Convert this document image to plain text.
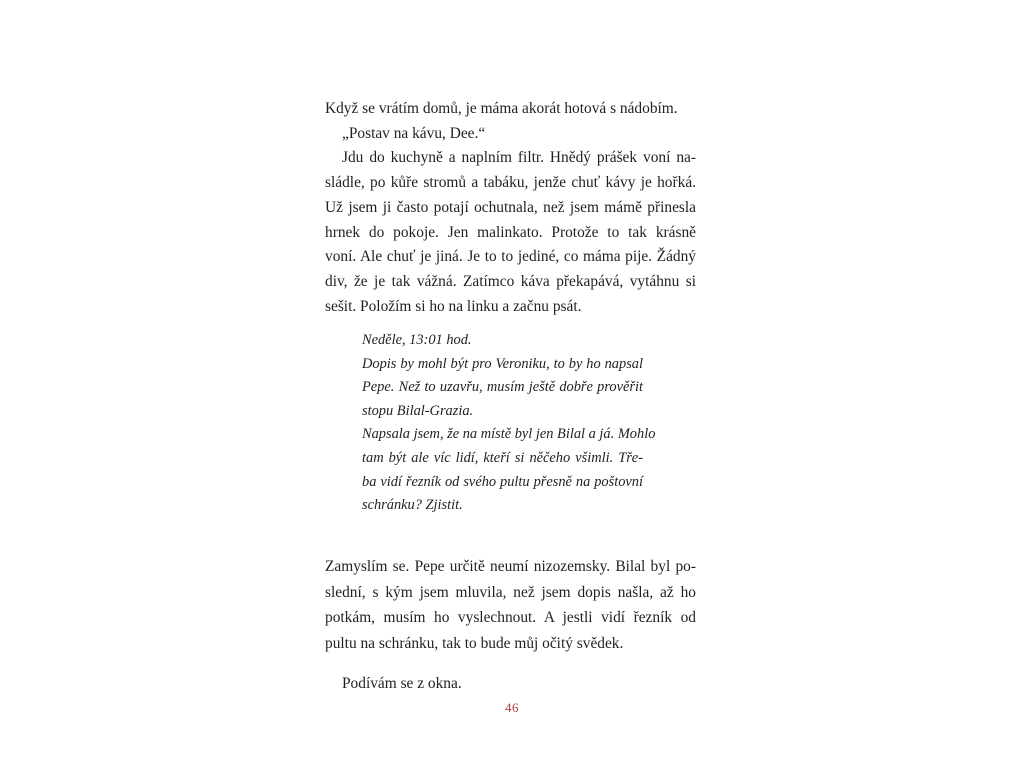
Když se vrátím domů, je máma akorát hotová s nádobím.

„Postav na kávu, Dee.“

Jdu do kuchyně a naplním filtr. Hnědý prášek voní na-
sládle, po kůře stromů a tabáku, jenže chuť kávy je hořká.
Už jsem ji často potají ochutnala, než jsem mámě přinesla
hrnek do pokoje. Jen malinkato. Protože to tak krásně
voní. Ale chuť je jiná. Je to to jediné, co máma pije. Žádný
div, že je tak vážná. Zatímco káva překapává, vytáhnu si
sešit. Položím si ho na linku a začnu psát.

Neděle, 13:01 hod.
Dopis by mohl být pro Veroniku, to by ho napsal
Pepe. Než to uzavřu, musím ještě dobře prověřit
stopu Bilal-Grazia.
Napsala jsem, že na místě byl jen Bilal a já. Mohlo
tam být ale víc lidí, kteří si něčeho všimli. Tře-
ba vidí řezník od svého pultu přesně na poštovní
schránku? Zjistit.

Zamyslím se. Pepe určitě neumí nizozemsky. Bilal byl po-
slední, s kým jsem mluvila, než jsem dopis našla, až ho
potkám, musím ho vyslechnout. A jestli vidí řezník od
pultu na schránku, tak to bude můj očitý svědek.

Podívám se z okna.

46
